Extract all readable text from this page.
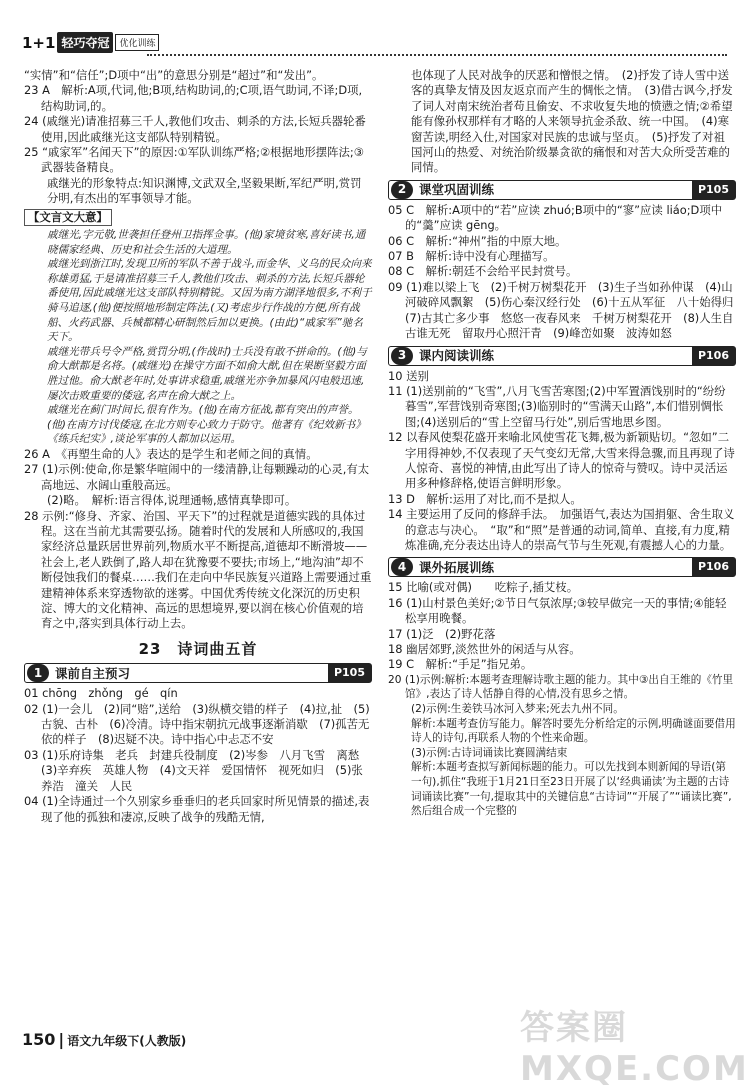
1+1 轻巧夺冠	优化训练
“实情”和“信任”;D项中“出”的意思分别是“超过”和“发出”。
23 A　解析:A项,代词,他;B项,结构助词,的;C项,语气助词,不译;D项,结构助词,的。
24 (戚继光)请准招募三千人,教他们攻击、刺杀的方法,长短兵器轮番使用,因此戚继光这支部队特别精锐。
25 “戚家军”名闻天下”的原因:①军队训练严格;②根据地形摆阵法;③武器装备精良。
戚继光的形象特点:知识渊博,文武双全,坚毅果断,军纪严明,赏罚分明,有杰出的军事领导才能。
【文言文大意】
戚继光,字元敬,世袭担任登州卫指挥佥事。(他)家境贫寒,喜好读书,通晓儒家经典、历史和社会生活的大道理。
戚继光到浙江时,发现卫所的军队不善于战斗,而金华、义乌的民众向来称雄勇猛,于是请准招募三千人,教他们攻击、刺杀的方法,长短兵器轮番使用,因此戚继光这支部队特别精锐。又因为南方湖泽地很多,不利于骑马追逐,(他)便按照地形制定阵法,(又)考虑步行作战的方便,所有战船、火药武器、兵械都精心研制然后加以更换。(由此)“戚家军”驰名天下。
戚继光带兵号令严格,赏罚分明,(作战时)士兵没有敢不拼命的。(他)与俞大猷都是名将。(戚继光)在操守方面不如俞大猷,但在果断坚毅方面胜过他。俞大猷老年时,处事讲求稳重,戚继光亦争加暴风闪电般迅速,屡次击败重要的倭寇,名声在俞大猷之上。
戚继光在蓟门时间长,很有作为。(他)在南方征战,都有突出的声誉。(他)在南方讨伐倭寇,在北方则专心致力于防守。他著有《纪效新书》《练兵纪实》,谈论军事的人都加以运用。
26 A　《再塑生命的人》表达的是学生和老师之间的真情。
27 (1)示例:使命,你是繁华喧闹中的一缕清静,让每颗躁动的心灵,有太高地远、水阔山重般高远。
(2)略。　解析:语言得体,说理通畅,感情真挚即可。
28 示例:“修身、齐家、治国、平天下”的过程就是道德实践的具体过程。这在当前尤其需要弘扬。随着时代的发展和人所感叹的,我国家经济总量跃居世界前列,物质水平不断提高,道德却不断滑坡——社会上,老人跌倒了,路人却在犹豫要不要扶;市场上,“地沟油”却不断侵蚀我们的餐桌……我们在走向中华民族复兴道路上需要通过重建精神体系来穿透物欲的迷雾。中国优秀传统文化深沉的历史积淀、博大的文化精神、高远的思想境界,要以润在核心价值观的培育之中,落实到具体行动上去。
23　诗词曲五首
1	课前自主预习	P105
01 chōng　zhǒng　gé　qín
02 (1)一会儿　(2)同“赔”,送给　(3)纵横交错的样子　(4)拉,扯　(5)古貌、古朴　(6)冷清。诗中指宋朝抗元战事逐渐消歇　(7)孤苦无依的样子　(8)迟疑不决。诗中指心中忐忑不安
03 (1)乐府诗集　老兵　封建兵役制度　(2)岑参　八月飞雪　离愁　(3)辛弃疾　英雄人物　(4)文天祥　爱国情怀　视死如归　(5)张养浩　潼关　人民
04 (1)全诗通过一个久别家乡垂垂归的老兵回家时所见情景的描述,表现了他的孤独和凄凉,反映了战争的残酷无情,
也体现了人民对战争的厌恶和憎恨之情。　(2)抒发了诗人雪中送客的真挚友情及因友返京而产生的惆怅之情。　(3)借古讽今,抒发了词人对南宋统治者苟且偷安、不求收复失地的愤懑之情;②希望能有像孙权那样有才略的人来领导抗金杀敌、统一中国。　(4)寒窗苦读,明经入仕,对国家对民族的忠诚与坚贞。　(5)抒发了对祖国河山的热爱、对统治阶级暴贪欲的痛恨和对苦大众所受苦难的同情。
2	课堂巩固训练	P105
05 C　解析:A项中的“若”应读 zhuó;B项中的“寥”应读 liáo;D项中的“羹”应读 gēng。
06 C　解析:“神州”指的中原大地。
07 B　解析:诗中没有心理描写。
08 C　解析:朝廷不会给平民封赏号。
09 (1)难以梁上飞　(2)千树万树梨花开　(3)生子当如孙仲谋　(4)山河破碎风飘絮　(5)伤心秦汉经行处　(6)十五从军征　八十始得归　(7)古其亡多少事　悠悠一夜春风来　千树万树梨花开　(8)人生自古谁无死　留取丹心照汗青　(9)峰峦如聚　波涛如怒
3	课内阅读训练	P106
10 送别
11 (1)送别前的“飞雪”,八月飞雪苦寒图;(2)中军置酒饯别时的“纷纷暮雪”,军营饯别奇寒图;(3)临别时的“雪满天山路”,本们惜别惆怅图;(4)送别后的“雪上空留马行处”,别后雪地思乡图。
12 以春风使梨花盛开来喻北风使雪花飞舞,极为新颖贴切。“忽如”二字用得神妙,不仅表现了天气变幻无常,大雪来得急骤,而且再现了诗人惊奇、喜悦的神情,由此写出了诗人的惊奇与赞叹。诗中灵活运用多种修辞格,使语言鲜明形象。
13 D　解析:运用了对比,而不是拟人。
14 主要运用了反问的修辞手法。　加强语气,表达为国捐躯、舍生取义的意志与决心。　“取”和“照”是普通的动词,简单、直接,有力度,精炼准确,充分表达出诗人的崇高气节与生死观,有震撼人心的力量。
4	课外拓展训练	P106
15 比喻(或对偶)　　吃粽子,插艾枝。
16 (1)山村景色美好;②节日气氛浓厚;③较早做完一天的事情;④能轻松享用晚餐。
17 (1)泛　(2)野花落
18 幽居郊野,淡然世外的闲适与从容。
19 C　解析:“手足”指兄弟。
20 (1)示例:解析:本题考查理解诗歌主题的能力。其中③出自王维的《竹里馆》,表达了诗人恬静自得的心情,没有思乡之情。
(2)示例:生姜铁马冰河入梦来;死去九州不同。
解析:本题考查仿写能力。解答时要先分析给定的示例,明确谜面要借用诗人的诗句,再联系人物的个性来命题。
(3)示例:古诗词诵读比赛圆满结束
解析:本题考查拟写新闻标题的能力。可以先找到本则新闻的导语(第一句),抓住“我班于1月21日至23日开展了以‘经典诵读’为主题的古诗词诵读比赛”一句,提取其中的关键信息“古诗词”“开展了”“诵读比赛”,然后组合成一个完整的
150 | 语文九年级下(人教版)	答案圈 MXQE.COM
